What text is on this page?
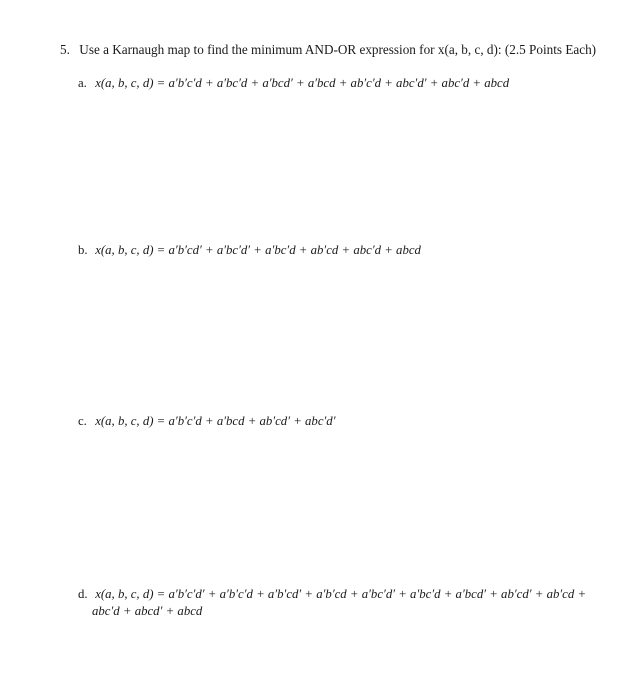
5. Use a Karnaugh map to find the minimum AND-OR expression for x(a, b, c, d): (2.5 Points Each)
a. x(a, b, c, d) = a′b′c′d + a′bc′d + a′bcd′ + a′bcd + ab′c′d + abc′d′ + abc′d + abcd
b. x(a, b, c, d) = a′b′cd′ + a′bc′d′ + a′bc′d + ab′cd + abc′d + abcd
c. x(a, b, c, d) = a′b′c′d + a′bcd + ab′cd′ + abc′d′
d. x(a, b, c, d) = a′b′c′d′ + a′b′c′d + a′b′cd′ + a′b′cd + a′bc′d′ + a′bc′d + a′bcd′ + ab′cd′ + ab′cd +
abc′d + abcd′ + abcd
